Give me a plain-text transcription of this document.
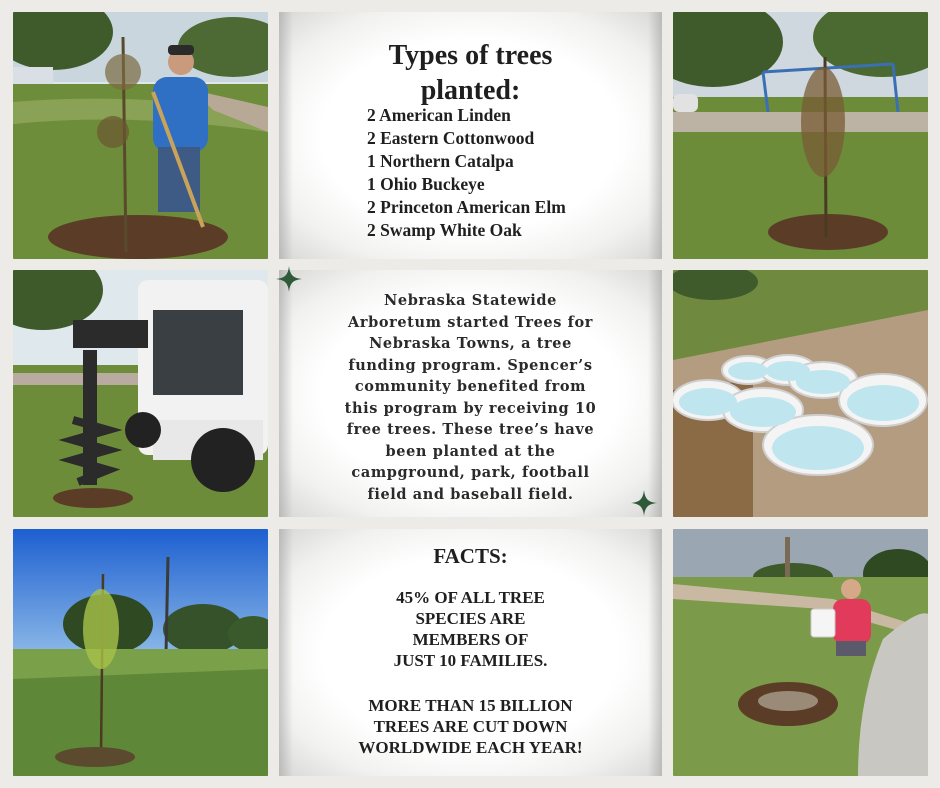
Types of trees
planted:
2 American Linden
2 Eastern Cottonwood
1 Northern Catalpa
1 Ohio Buckeye
2 Princeton American Elm
2 Swamp White Oak
Nebraska Statewide
Arboretum started Trees for
Nebraska Towns, a tree
funding program. Spencer’s
community benefited from
this program by receiving 10
free trees. These tree’s have
been planted at the
campground, park, football
field and baseball field.
FACTS:
45% OF ALL TREE
SPECIES ARE
MEMBERS OF
JUST 10 FAMILIES.
MORE THAN 15 BILLION
TREES ARE CUT DOWN
WORLDWIDE EACH YEAR!
